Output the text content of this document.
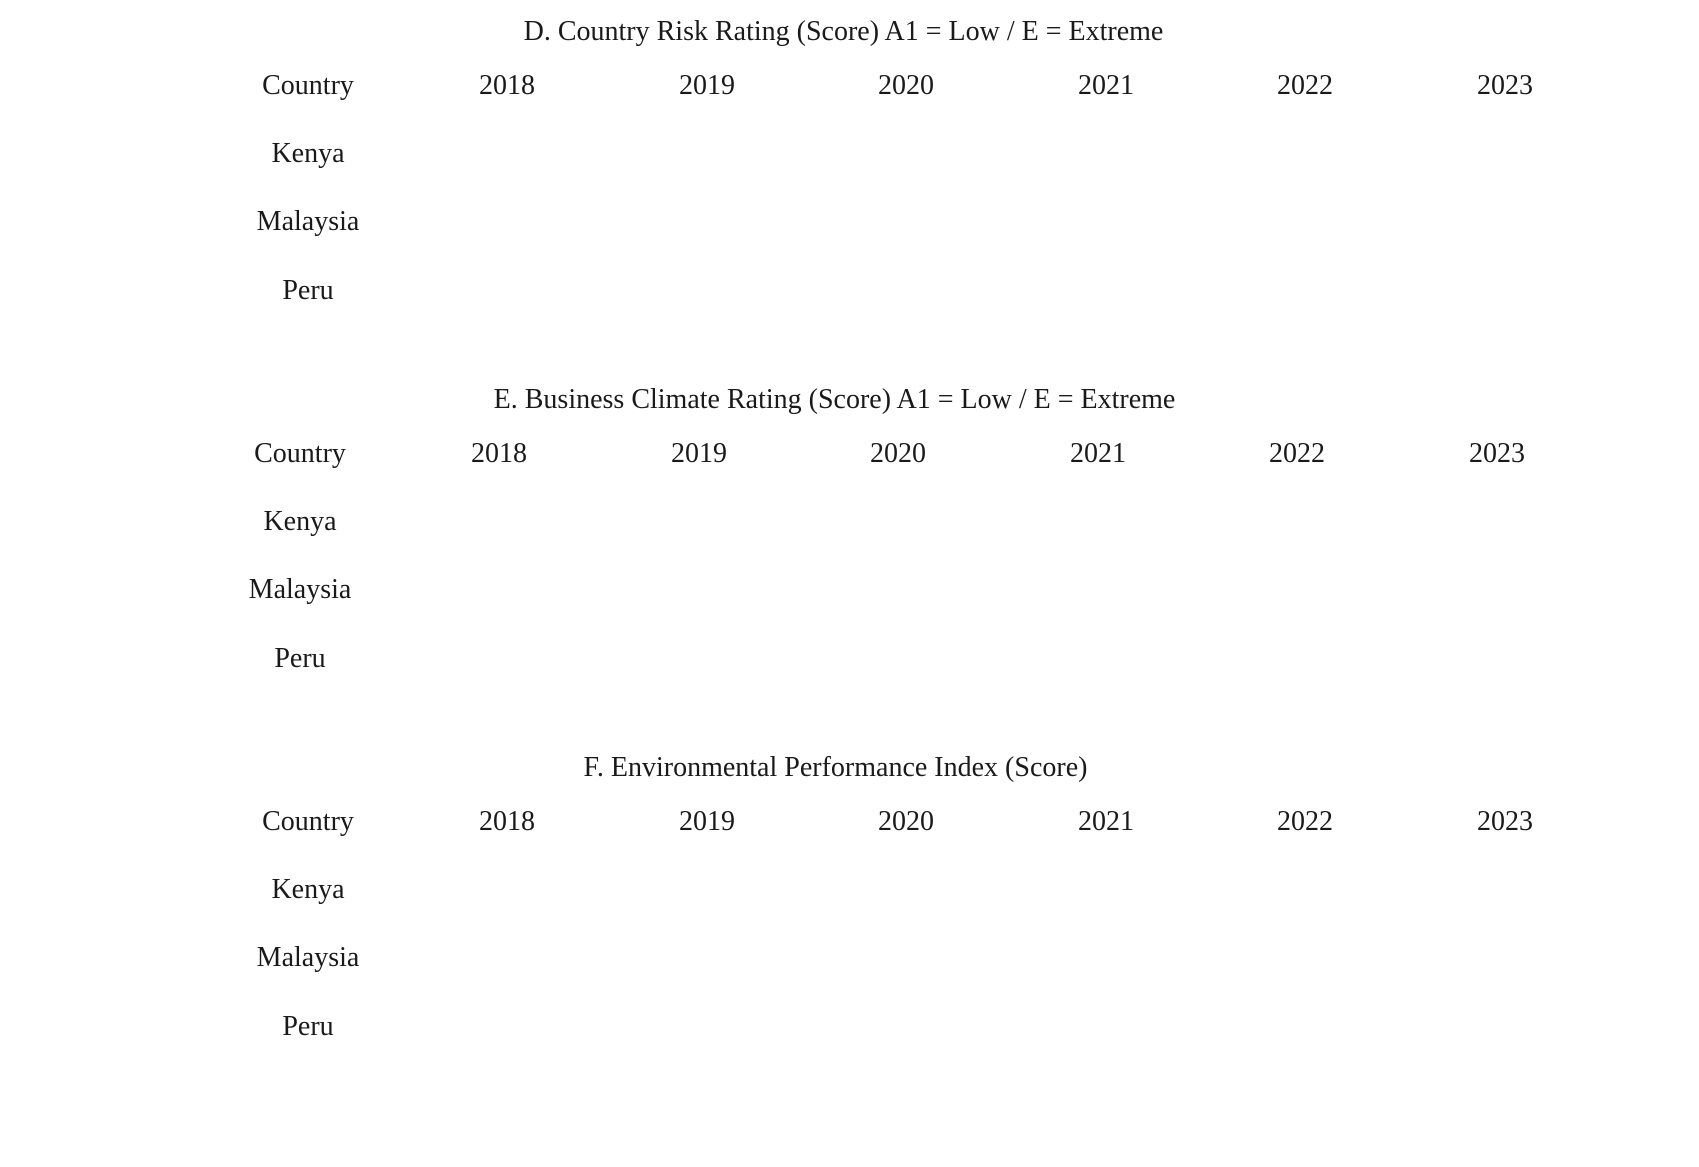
D. Country Risk Rating (Score) A1 = Low / E = Extreme
Country	2018	2019	2020	2021	2022	2023
Kenya
Malaysia
Peru
E. Business Climate Rating (Score) A1 = Low / E = Extreme
Country	2018	2019	2020	2021	2022	2023
Kenya
Malaysia
Peru
F. Environmental Performance Index (Score)
Country	2018	2019	2020	2021	2022	2023
Kenya
Malaysia
Peru
